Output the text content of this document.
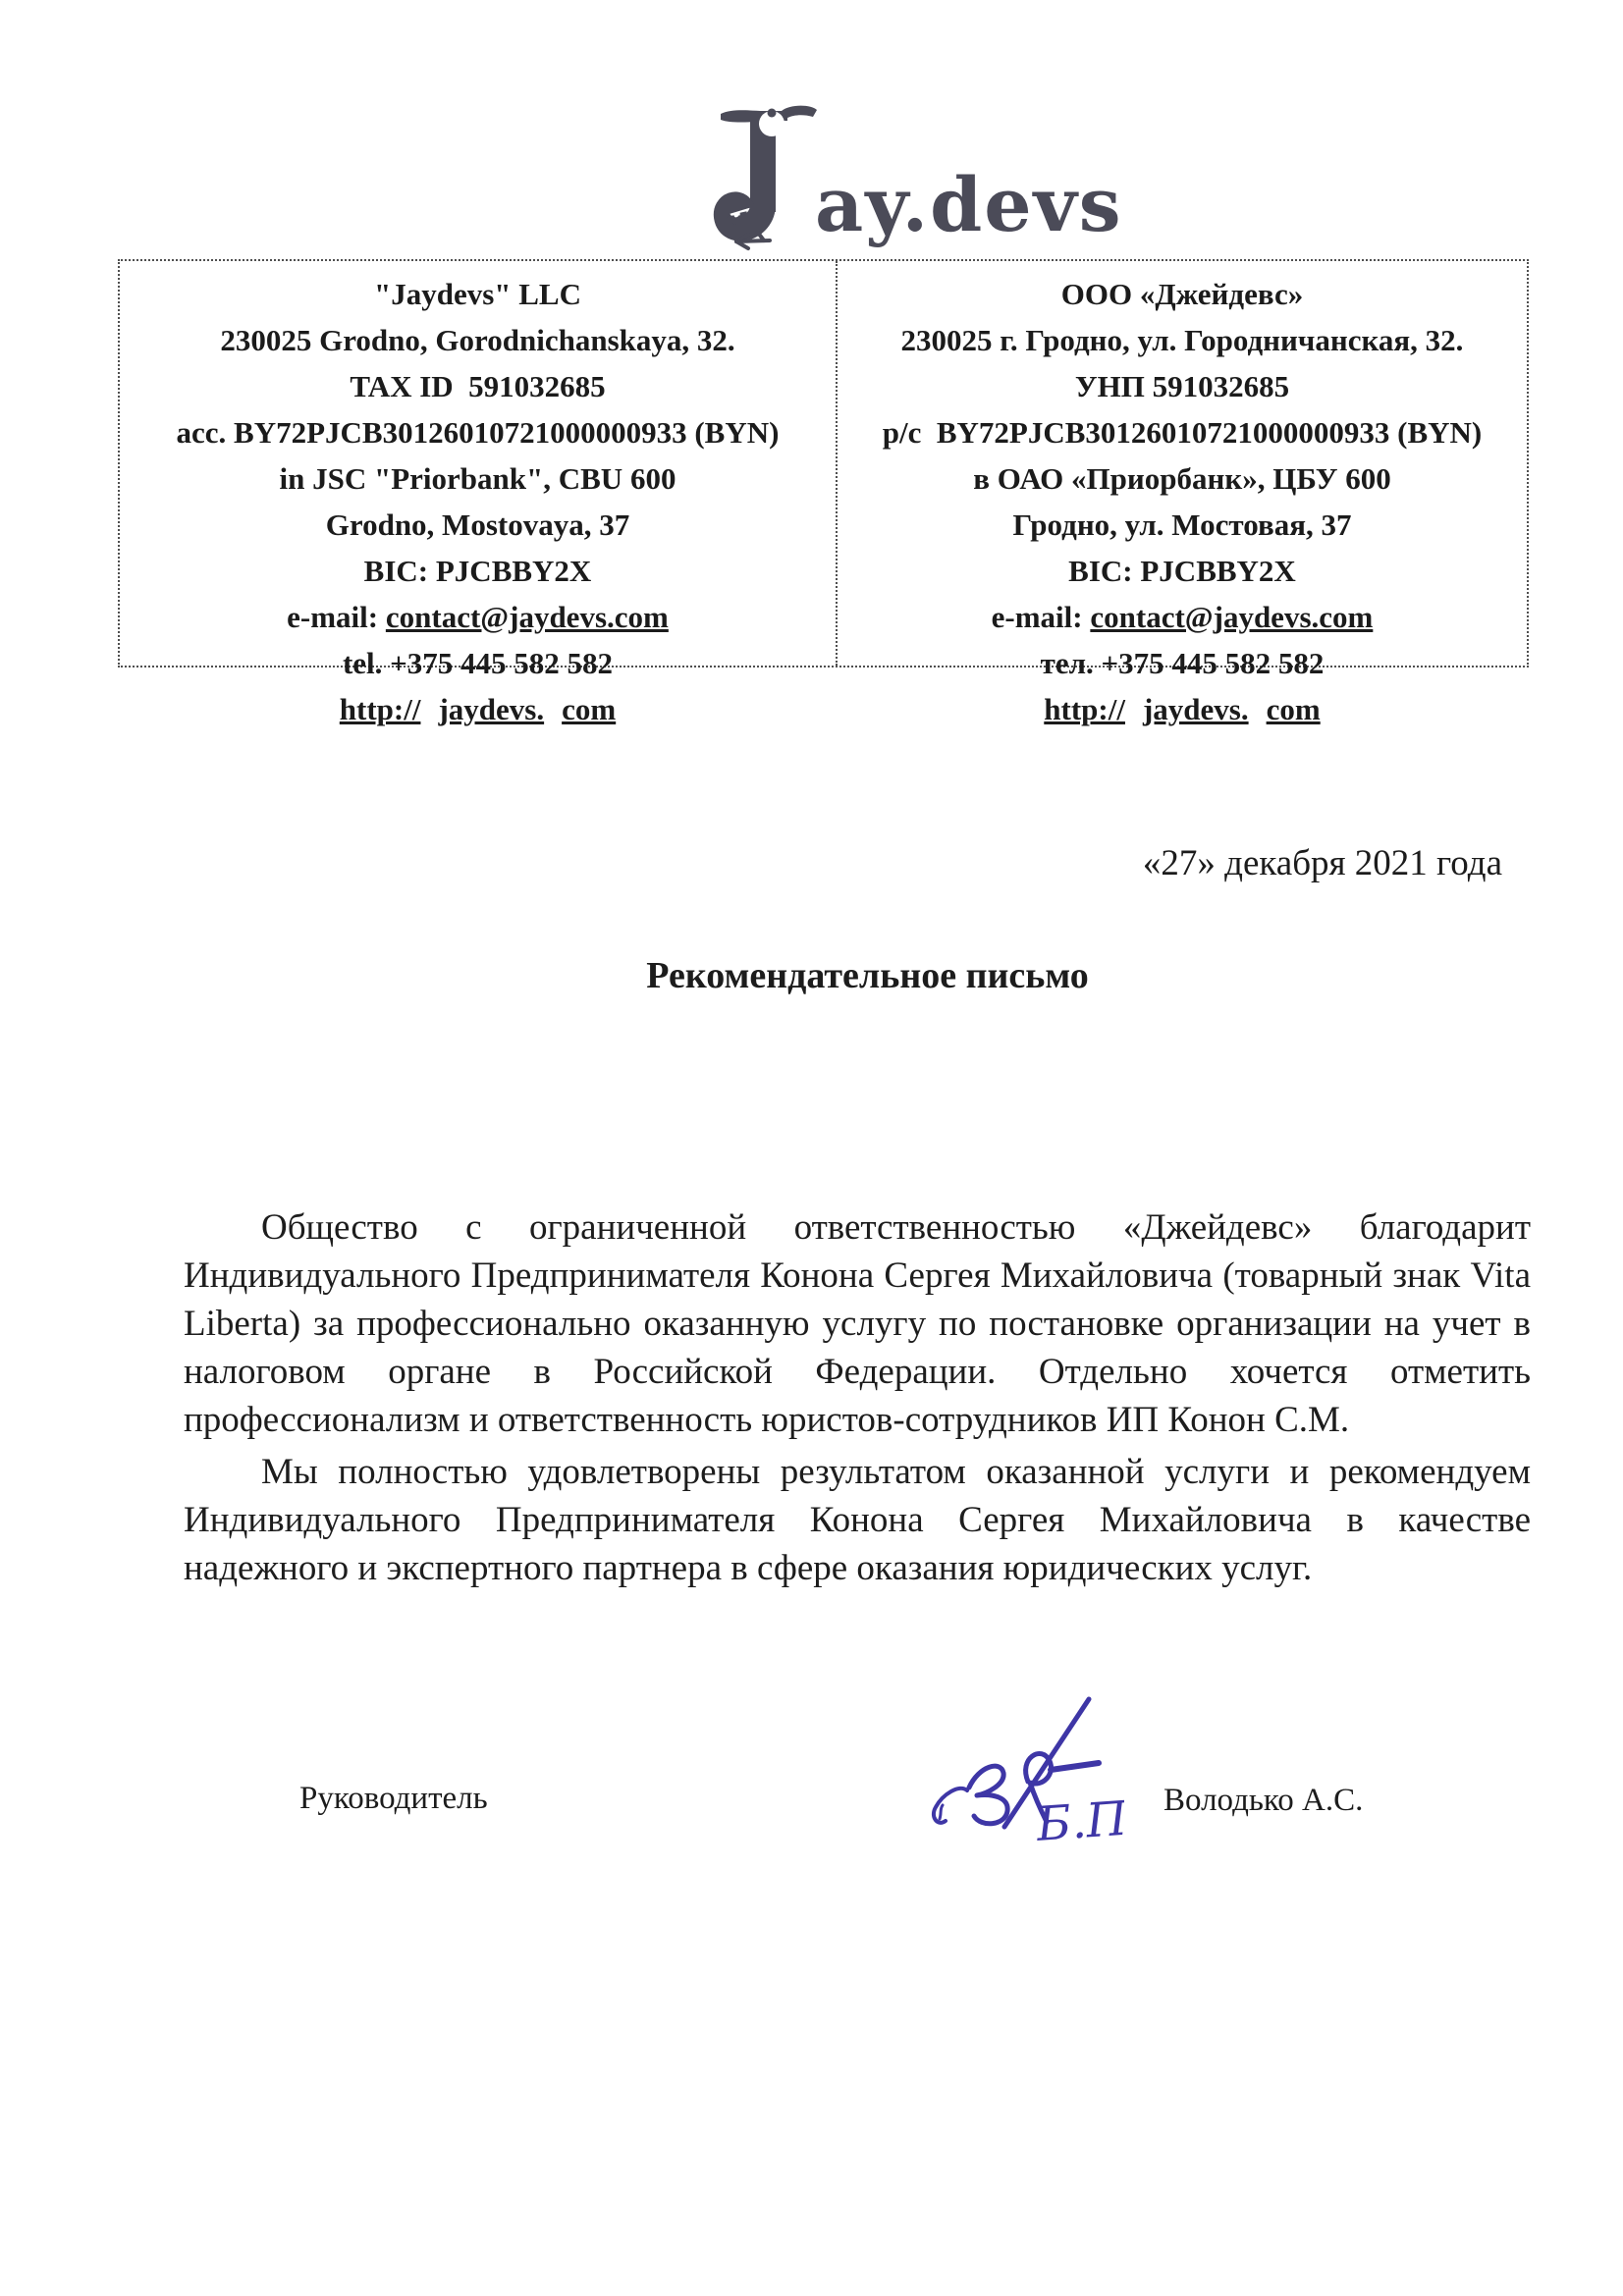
ay.devs
"Jaydevs" LLC
230025 Grodno, Gorodnichanskaya, 32.
TAX ID  591032685
acc. BY72PJCB30126010721000000933 (BYN)
in JSC "Priorbank", CBU 600
Grodno, Mostovaya, 37
BIC: PJCBBY2X
e-mail: contact@jaydevs.com
tel. +375 445 582 582
http:// jaydevs. com
ООО «Джейдевс»
230025 г. Гродно, ул. Городничанская, 32.
УНП 591032685
р/с  BY72PJCB30126010721000000933 (BYN)
в ОАО «Приорбанк», ЦБУ 600
Гродно, ул. Мостовая, 37
BIC: PJCBBY2X
e-mail: contact@jaydevs.com
тел. +375 445 582 582
http:// jaydevs. com
«27» декабря 2021 года
Рекомендательное письмо

Общество с ограниченной ответственностью «Джейдевс» благодарит Индивидуального Предпринимателя Конона Сергея Михайловича (товарный знак Vita Liberta) за профессионально оказанную услугу по постановке организации на учет в налоговом органе в Российской Федерации. Отдельно хочется отметить профессионализм и ответственность юристов-сотрудников ИП Конон С.М.

Мы полностью удовлетворены результатом оказанной услуги и рекомендуем Индивидуального Предпринимателя Конона Сергея Михайловича в качестве надежного и экспертного партнера в сфере оказания юридических услуг.

Руководитель	Б.П Володько А.С.
